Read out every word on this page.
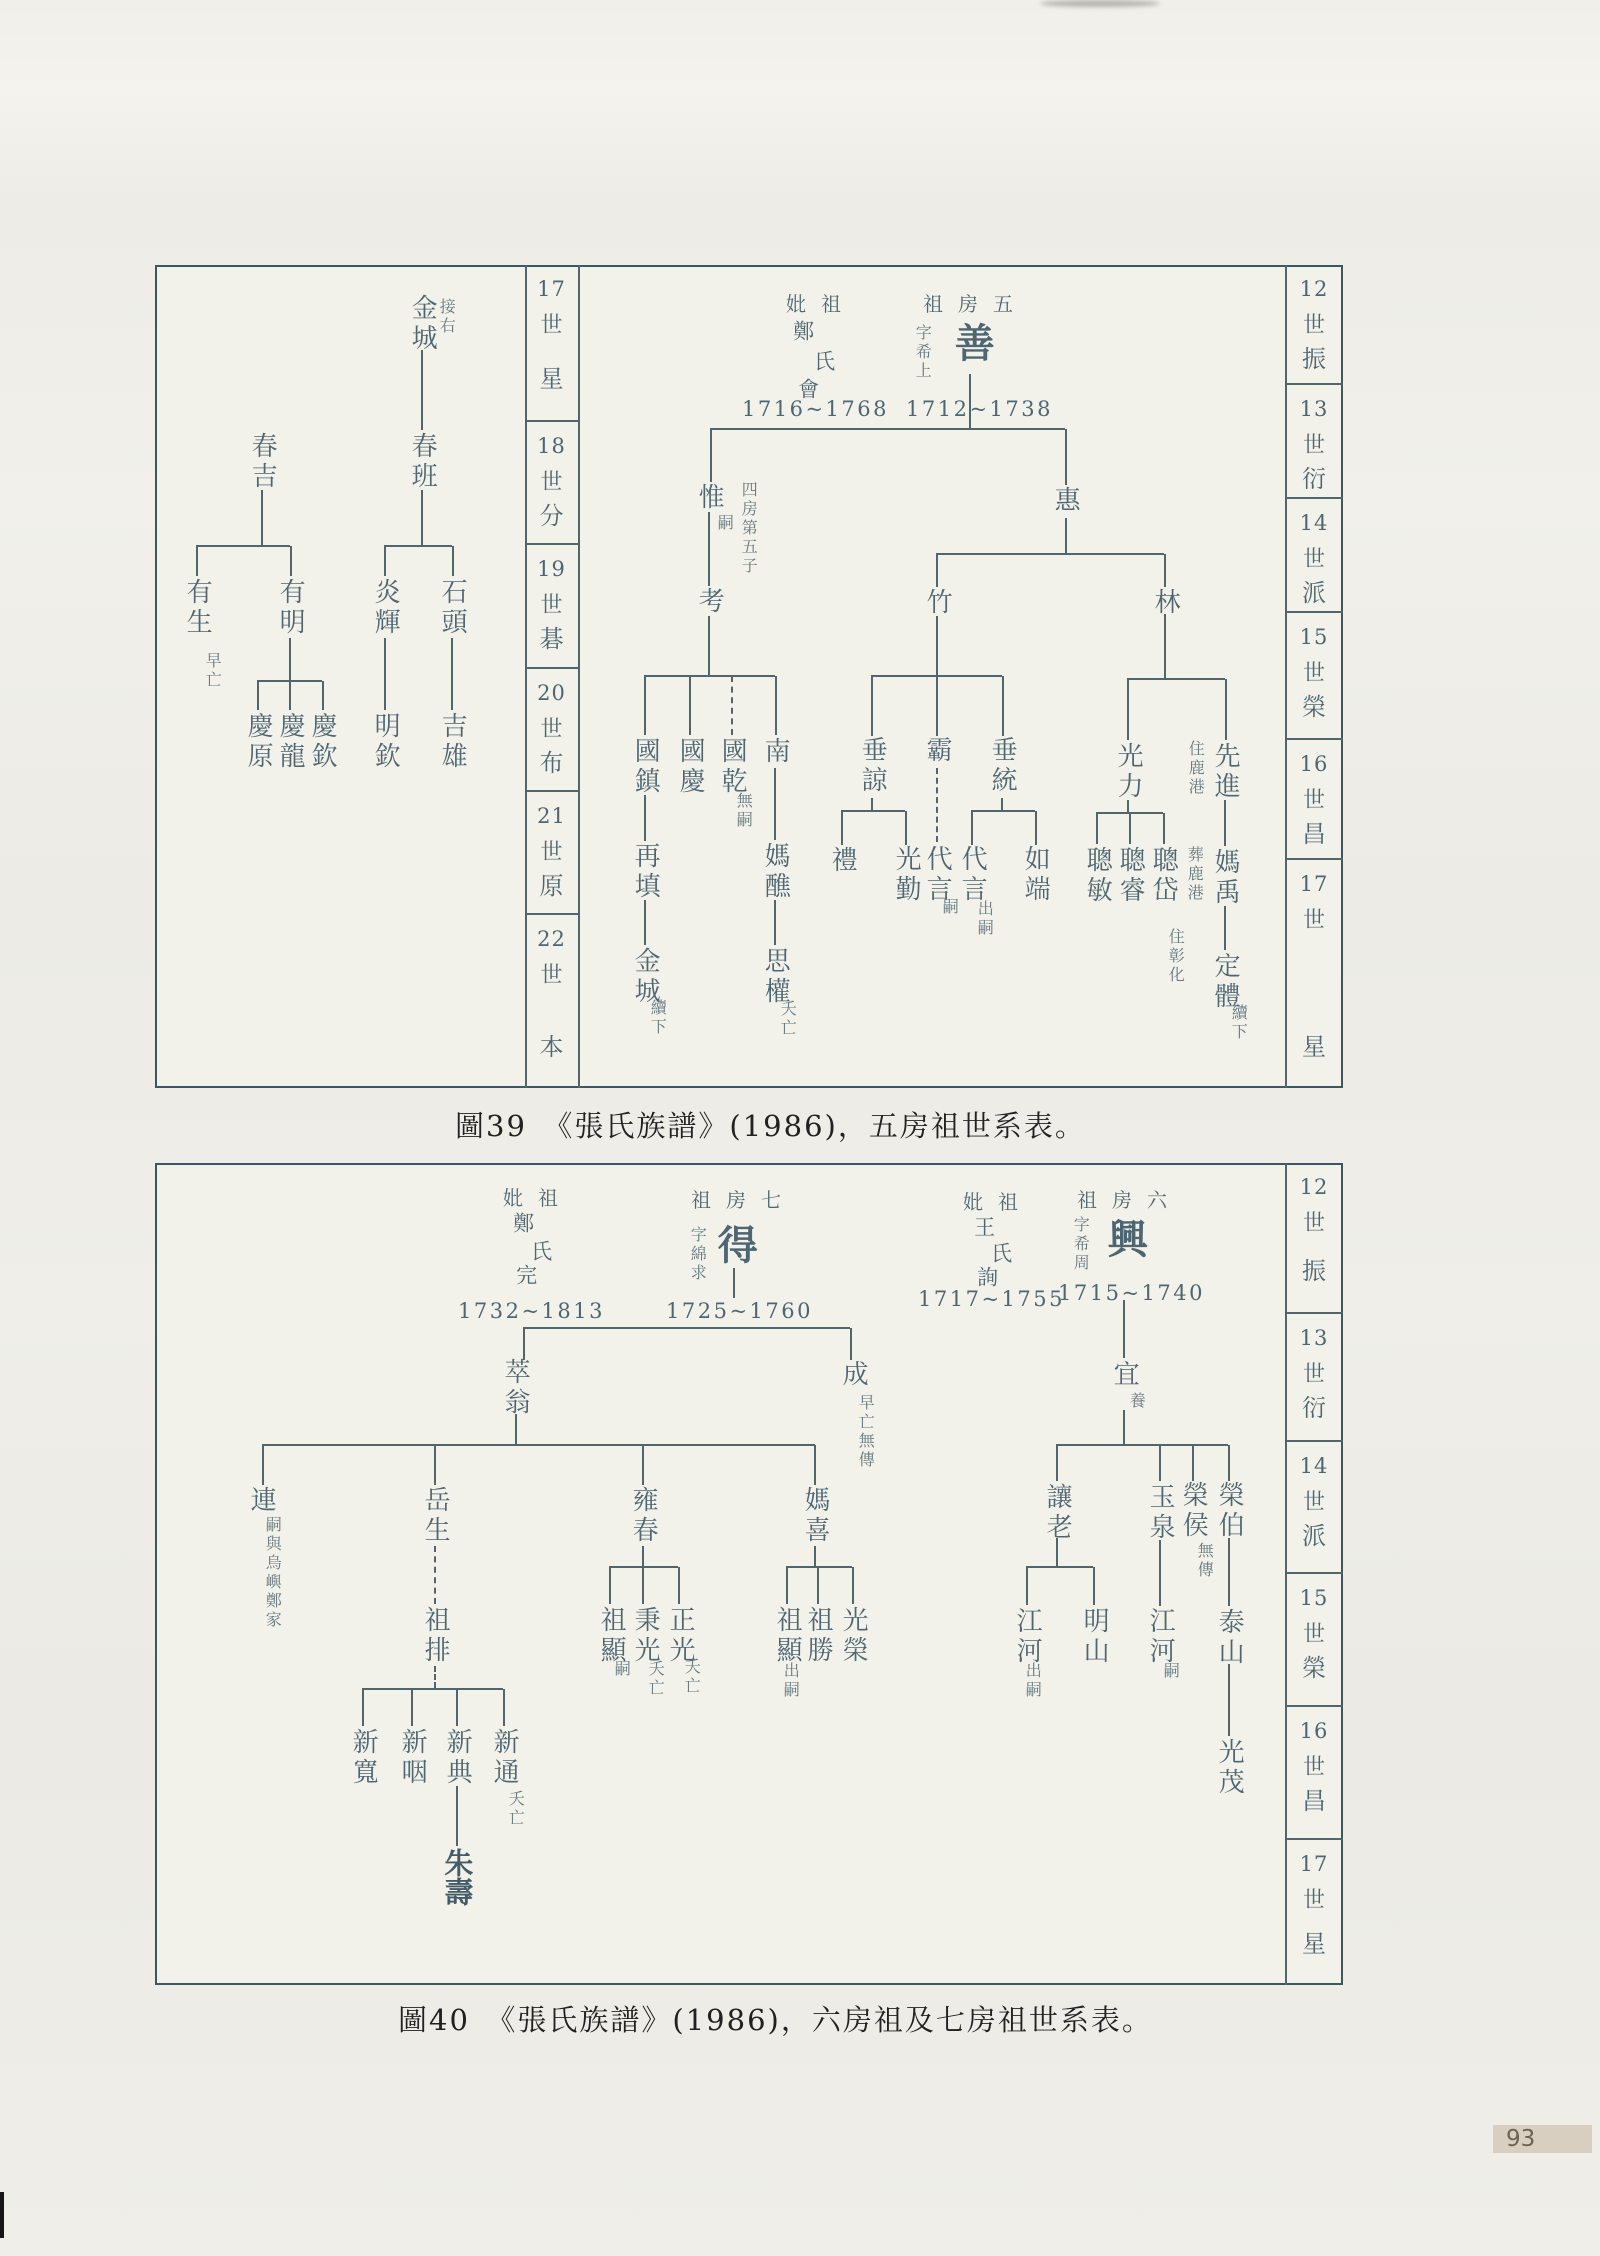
17
世
星
18
世
分
19
世
碁
20
世
布
21
世
原
22
世
本
12
世
振
13
世
衍
14
世
派
15
世
榮
16
世
昌
17
世
星
金城 接右
春吉	春班
有生
早亡
有明	炎輝 石頭
慶原 慶龍 慶欽 明欽 吉雄
妣祖
鄭
氏
會
1716~1768
祖房五
字希上 善
1712~1738
惟
嗣 四房第五子
考
國鎮 國慶 國乾
無嗣
南
再填
金城
續下
媽醮
思權
夭亡
惠
竹	林
垂諒 霸 垂統
禮 光勤 代言
嗣
代言
出嗣
如端
光力	住鹿港 先進
聰敏 聰睿 聰岱
住彰化
媽禹
葬鹿港
定體
續下
圖39　《張氏族譜》(1986)，五房祖世系表。
12
世
振
13
世
衍
14
世
派
15
世
榮
16
世
昌
17
世
星
妣祖
鄭
氏
完
1732~1813
祖房七
字綿求 得
1725~1760
妣祖
王
氏
詢
1717~1755
祖房六
字希周 興
1715~1740
萃翁	成
早亡無傳
連
嗣與烏嶼鄭家	岳生
祖排
新寬 新咽 新典 新通
夭亡
朱壽
雍春
祖顯
嗣
秉光
夭亡
正光
夭亡
媽喜
祖顯
出嗣
祖勝 光榮
宜
養
讓老	玉泉 榮侯
無傳
榮伯
江河
出嗣
明山 江河
嗣
泰山
光茂
圖40　《張氏族譜》(1986)，六房祖及七房祖世系表。
93
